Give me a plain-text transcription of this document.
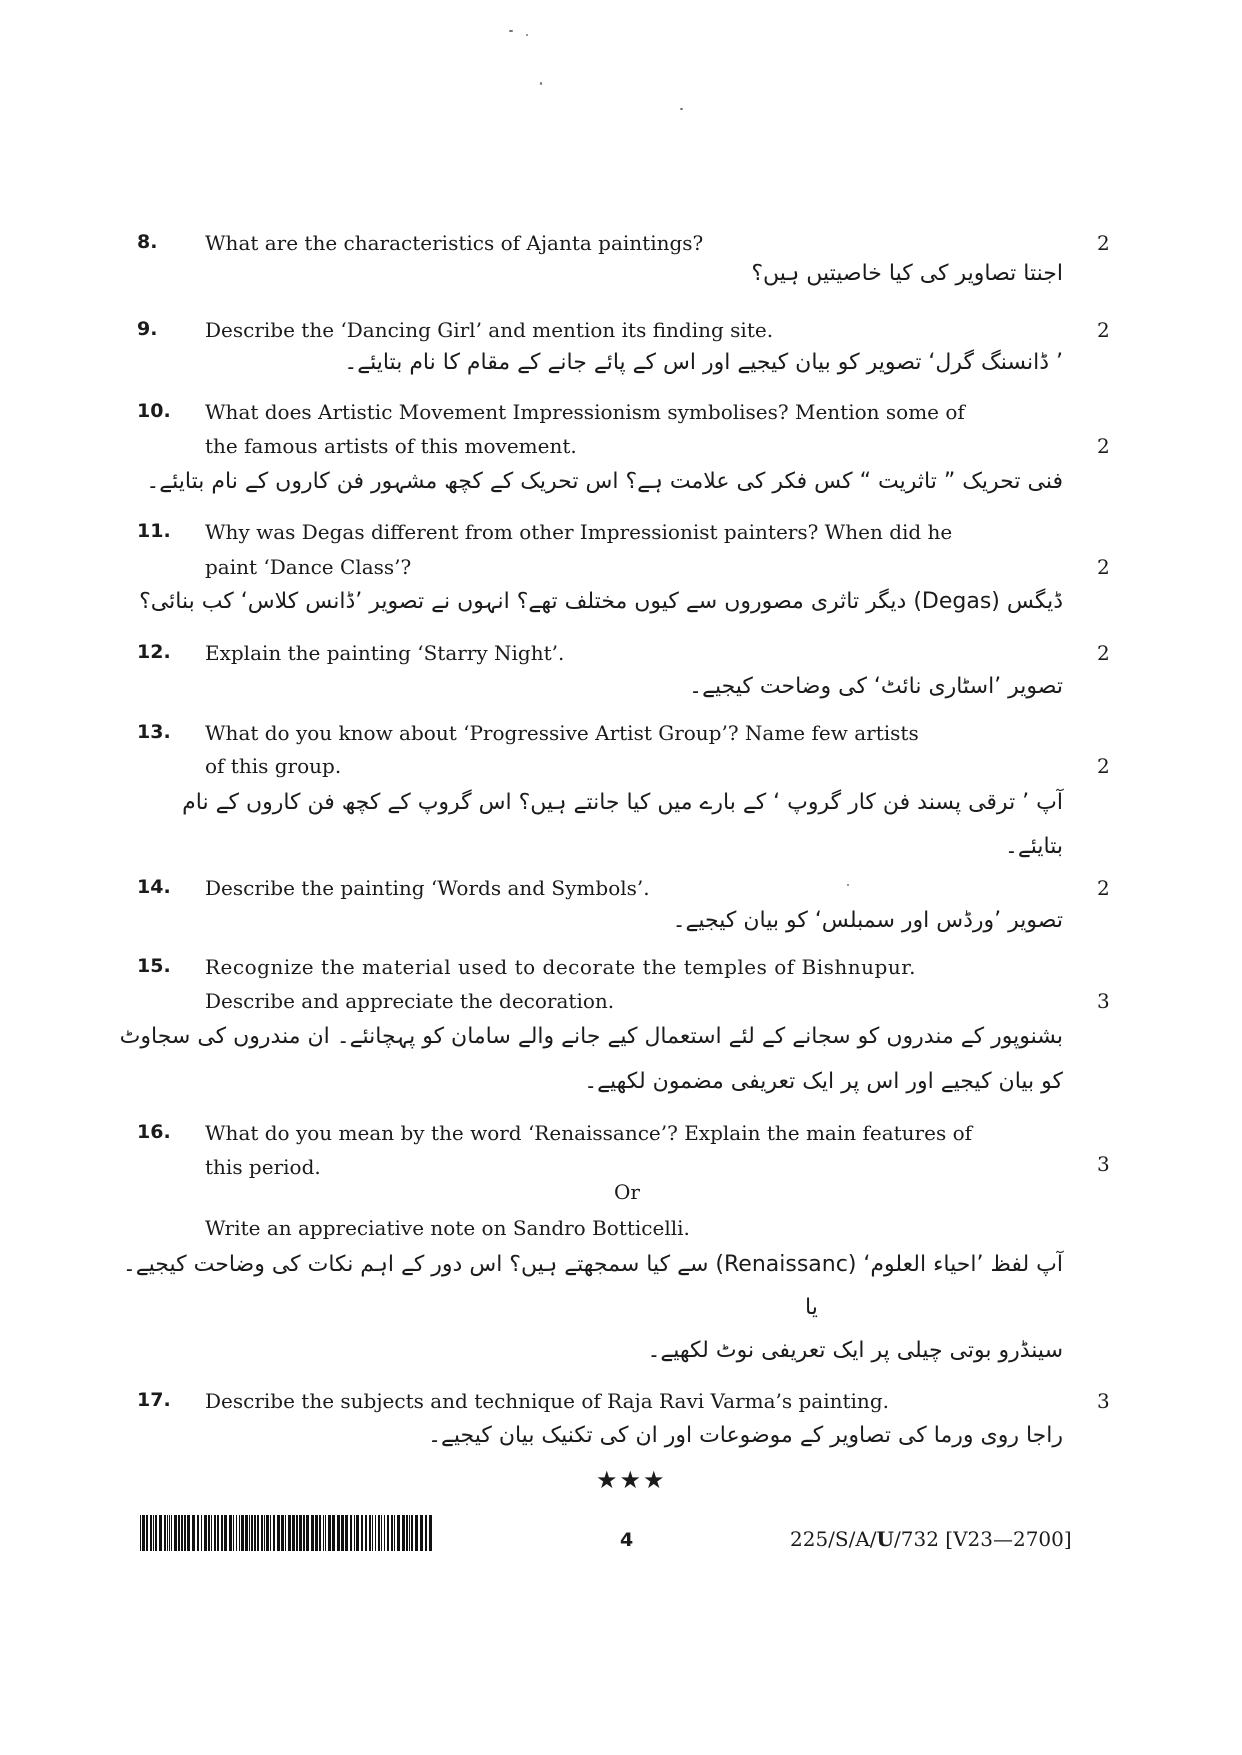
8. What are the characteristics of Ajanta paintings?	2
اجنتا تصاویر کی کیا خاصیتیں ہیں؟
9. Describe the ‘Dancing Girl’ and mention its finding site.	2
’ ڈانسنگ گرل‘ تصویر کو بیان کیجیے اور اس کے پائے جانے کے مقام کا نام بتایئے۔
10. What does Artistic Movement Impressionism symbolises? Mention some of
the famous artists of this movement.	2
فنی تحریک ” تاثریت “ کس فکر کی علامت ہے؟ اس تحریک کے کچھ مشہور فن کاروں کے نام بتایئے۔
11. Why was Degas different from other Impressionist painters? When did he
paint ‘Dance Class’?	2
ڈیگس (Degas) دیگر تاثری مصوروں سے کیوں مختلف تھے؟ انہوں نے تصویر ’ڈانس کلاس‘ کب بنائی؟
12. Explain the painting ‘Starry Night’.	2
تصویر ’اسٹاری نائٹ‘ کی وضاحت کیجیے۔
13. What do you know about ‘Progressive Artist Group’? Name few artists
of this group.	2
آپ ’ ترقی پسند فن کار گروپ ‘ کے بارے میں کیا جانتے ہیں؟ اس گروپ کے کچھ فن کاروں کے نام
بتایئے۔
14. Describe the painting ‘Words and Symbols’.	2
تصویر ’ورڈس اور سمبلس‘ کو بیان کیجیے۔
15. Recognize the material used to decorate the temples of Bishnupur.
Describe and appreciate the decoration.	3
بشنوپور کے مندروں کو سجانے کے لئے استعمال کیے جانے والے سامان کو پہچانئے۔ ان مندروں کی سجاوٹ
کو بیان کیجیے اور اس پر ایک تعریفی مضمون لکھیے۔
16. What do you mean by the word ‘Renaissance’? Explain the main features of
this period.	3
Or
Write an appreciative note on Sandro Botticelli.
آپ لفظ ’احیاء العلوم‘ (Renaissanc) سے کیا سمجھتے ہیں؟ اس دور کے اہم نکات کی وضاحت کیجیے۔
یا
سینڈرو بوتی چیلی پر ایک تعریفی نوٹ لکھیے۔
17. Describe the subjects and technique of Raja Ravi Varma’s painting.	3
راجا روی ورما کی تصاویر کے موضوعات اور ان کی تکنیک بیان کیجیے۔
★★★
4	225/S/A/U/732 [V23—2700]
